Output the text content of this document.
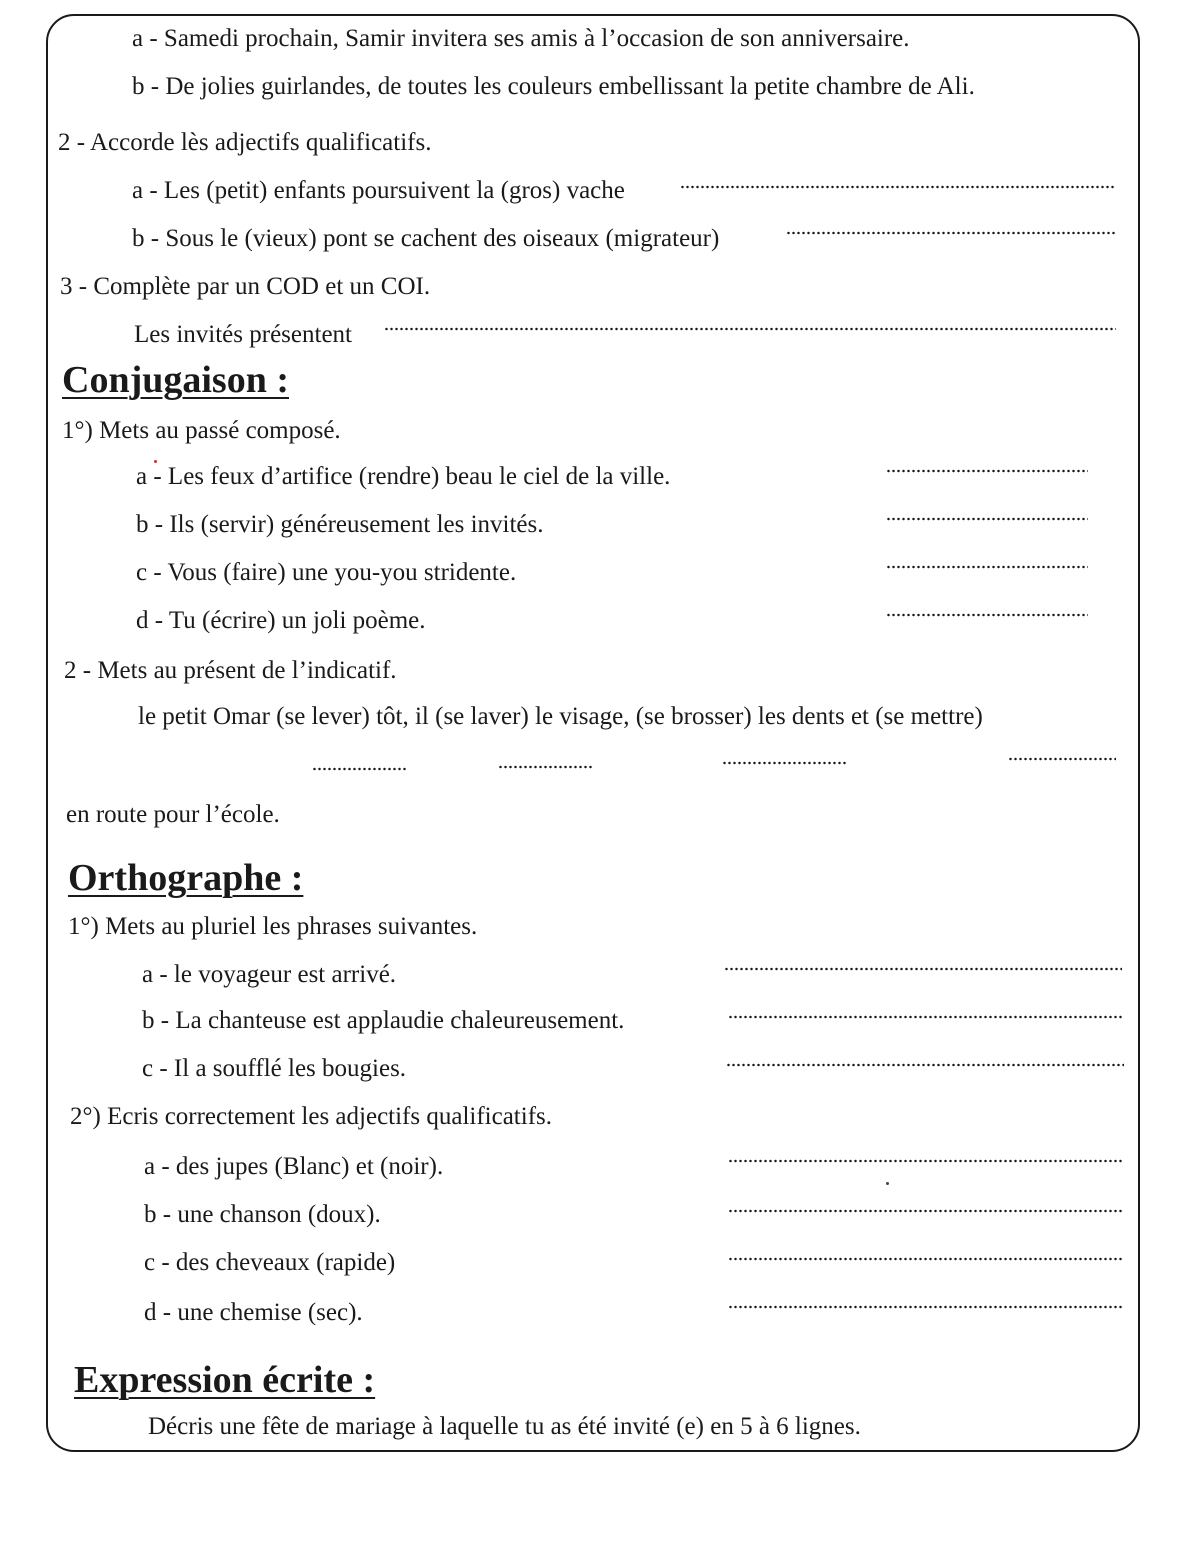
a - Samedi prochain, Samir invitera ses amis à l’occasion de son anniversaire.
b - De jolies guirlandes, de toutes les couleurs embellissant la petite chambre de Ali.
2 - Accorde lès adjectifs qualificatifs.
a - Les (petit) enfants poursuivent la (gros) vache
b - Sous le (vieux) pont se cachent des oiseaux (migrateur)
3 - Complète par un COD et un COI.
Les invités présentent
Conjugaison :
1°) Mets au passé composé.
a - Les feux d’artifice (rendre) beau le ciel de la ville.
b - Ils (servir) généreusement les invités.
c - Vous (faire) une you-you stridente.
d - Tu (écrire) un joli poème.
2 - Mets au présent de l’indicatif.
le petit Omar (se lever) tôt, il (se laver) le visage, (se brosser) les dents et (se mettre)
en route pour l’école.
Orthographe :
1°) Mets au pluriel les phrases suivantes.
a - le voyageur est arrivé.
b - La chanteuse est applaudie chaleureusement.
c - Il a soufflé les bougies.
2°) Ecris correctement les adjectifs qualificatifs.
a - des jupes (Blanc) et (noir).
b - une chanson (doux).
c - des cheveaux (rapide)
d - une chemise (sec).
Expression écrite :
Décris une fête de mariage à laquelle tu as été invité (e) en 5 à 6 lignes.
